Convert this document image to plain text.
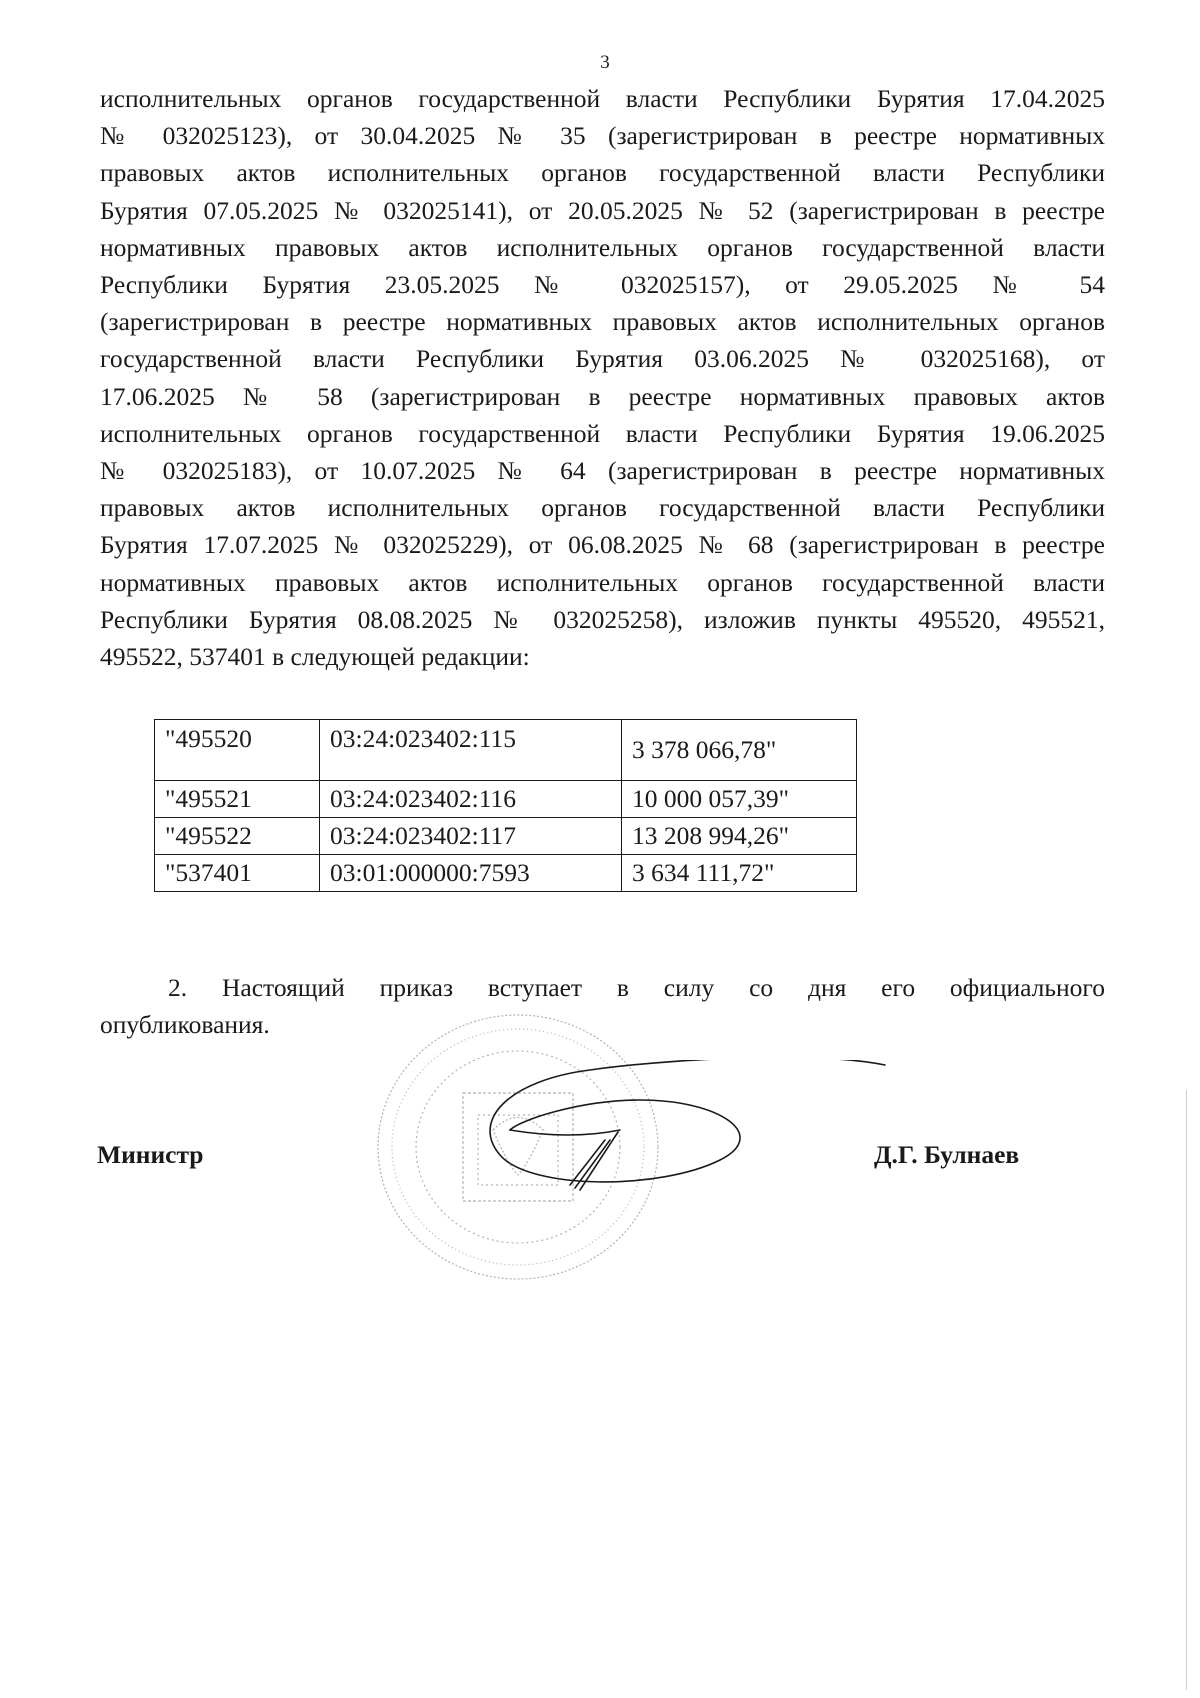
3
исполнительных органов государственной власти Республики Бурятия 17.04.2025
№ 032025123), от 30.04.2025 № 35 (зарегистрирован в реестре нормативных
правовых актов исполнительных органов государственной власти Республики
Бурятия 07.05.2025 № 032025141), от 20.05.2025 № 52 (зарегистрирован в реестре
нормативных правовых актов исполнительных органов государственной власти
Республики Бурятия 23.05.2025 № 032025157), от 29.05.2025 № 54
(зарегистрирован в реестре нормативных правовых актов исполнительных органов
государственной власти Республики Бурятия 03.06.2025 № 032025168), от
17.06.2025 № 58 (зарегистрирован в реестре нормативных правовых актов
исполнительных органов государственной власти Республики Бурятия 19.06.2025
№ 032025183), от 10.07.2025 № 64 (зарегистрирован в реестре нормативных
правовых актов исполнительных органов государственной власти Республики
Бурятия 17.07.2025 № 032025229), от 06.08.2025 № 68 (зарегистрирован в реестре
нормативных правовых актов исполнительных органов государственной власти
Республики Бурятия 08.08.2025 № 032025258), изложив пункты 495520, 495521,
495522, 537401 в следующей редакции:
"495520	03:24:023402:115	3 378 066,78"
"495521	03:24:023402:116	10 000 057,39"
"495522	03:24:023402:117	13 208 994,26"
"537401	03:01:000000:7593	3 634 111,72"
2. Настоящий приказ вступает в силу со дня его официального
опубликования.
Министр	Д.Г. Булнаев
